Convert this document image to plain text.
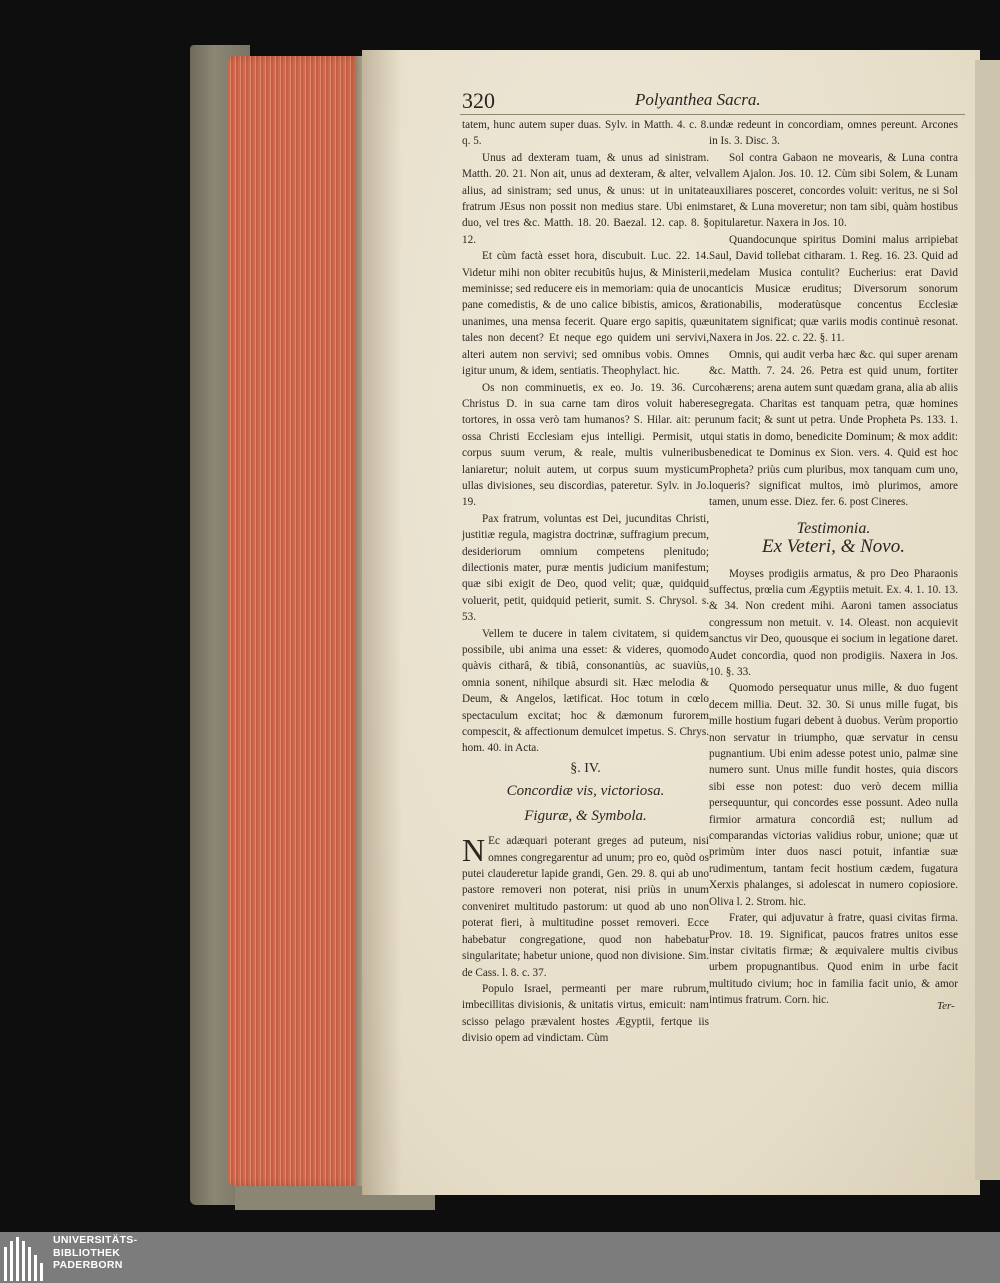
320	Polyanthea Sacra.

tatem, hunc autem super duas. Sylv. in Matth. 4. c. 8. q. 5.

Unus ad dexteram tuam, & unus ad sinistram. Matth. 20. 21. Non ait, unus ad dexteram, & alter, vel alius, ad sinistram; sed unus, & unus: ut in unitate fratrum JEsus non possit non medius stare. Ubi enim duo, vel tres &c. Matth. 18. 20. Baezal. 12. cap. 8. § 12.

Et cùm factà esset hora, discubuit. Luc. 22. 14. Videtur mihi non obiter recubitûs hujus, & Ministerii, meminisse; sed reducere eis in memoriam: quia de uno pane comedistis, & de uno calice bibistis, amicos, & unanimes, una mensa fecerit. Quare ergo sapitis, quæ tales non decent? Et neque ego quidem uni servivi, alteri autem non servivi; sed omnibus vobis. Omnes igitur unum, & idem, sentiatis. Theophylact. hic.

Os non comminuetis, ex eo. Jo. 19. 36. Cur Christus D. in sua carne tam diros voluit habere tortores, in ossa verò tam humanos? S. Hilar. ait: per ossa Christi Ecclesiam ejus intelligi. Permisit, ut corpus suum verum, & reale, multis vulneribus laniaretur; noluit autem, ut corpus suum mysticum ullas divisiones, seu discordias, pateretur. Sylv. in Jo. 19.

Pax fratrum, voluntas est Dei, jucunditas Christi, justitiæ regula, magistra doctrinæ, suffragium precum, desideriorum omnium competens plenitudo; dilectionis mater, puræ mentis judicium manifestum; quæ sibi exigit de Deo, quod velit; quæ, quidquid voluerit, petit, quidquid petierit, sumit. S. Chrysol. s. 53.

Vellem te ducere in talem civitatem, si quidem possibile, ubi anima una esset: & videres, quomodo quàvis citharâ, & tibiâ, consonantiùs, ac suaviùs, omnia sonent, nihilque absurdi sit. Hæc melodia & Deum, & Angelos, lætificat. Hoc totum in cœlo spectaculum excitat; hoc & dæmonum furorem compescit, & affectionum demulcet impetus. S. Chrys. hom. 40. in Acta.

§. IV.
Concordiæ vis, victoriosa.
Figuræ, & Symbola.

N Ec adæquari poterant greges ad puteum, nisi omnes congregarentur ad unum; pro eo, quòd os putei clauderetur lapide grandi, Gen. 29. 8. qui ab uno pastore removeri non poterat, nisi priùs in unum conveniret multitudo pastorum: ut quod ab uno non poterat fieri, à multitudine posset removeri. Ecce habebatur congregatione, quod non habebatur singularitate; habetur unione, quod non divisione. Sim. de Cass. l. 8. c. 37.

Populo Israel, permeanti per mare rubrum, imbecillitas divisionis, & unitatis virtus, emicuit: nam scisso pelago prævalent hostes Ægyptii, fertque iis divisio opem ad vindictam. Cùm

undæ redeunt in concordiam, omnes pereunt. Arcones in Is. 3. Disc. 3.

Sol contra Gabaon ne movearis, & Luna contra vallem Ajalon. Jos. 10. 12. Cùm sibi Solem, & Lunam auxiliares posceret, concordes voluit: veritus, ne si Sol staret, & Luna moveretur; non tam sibi, quàm hostibus opitularetur. Naxera in Jos. 10.

Quandocunque spiritus Domini malus arripiebat Saul, David tollebat citharam. 1. Reg. 16. 23. Quid ad medelam Musica contulit? Eucherius: erat David canticis Musicæ eruditus; Diversorum sonorum rationabilis, moderatùsque concentus Ecclesiæ unitatem significat; quæ variis modis continuè resonat. Naxera in Jos. 22. c. 22. §. 11.

Omnis, qui audit verba hæc &c. qui super arenam &c. Matth. 7. 24. 26. Petra est quid unum, fortiter cohærens; arena autem sunt quædam grana, alia ab aliis segregata. Charitas est tanquam petra, quæ homines unum facit; & sunt ut petra. Unde Propheta Ps. 133. 1. qui statis in domo, benedicite Dominum; & mox addit: benedicat te Dominus ex Sion. vers. 4. Quid est hoc Propheta? priùs cum pluribus, mox tanquam cum uno, loqueris? significat multos, imò plurimos, amore tamen, unum esse. Diez. fer. 6. post Cineres.

Testimonia.
Ex Veteri, & Novo.

Moyses prodigiis armatus, & pro Deo Pharaonis suffectus, prœlia cum Ægyptiis metuit. Ex. 4. 1. 10. 13. & 34. Non credent mihi. Aaroni tamen associatus congressum non metuit. v. 14. Oleast. non acquievit sanctus vir Deo, quousque ei socium in legatione daret. Audet concordia, quod non prodigiis. Naxera in Jos. 10. §. 33.

Quomodo persequatur unus mille, & duo fugent decem millia. Deut. 32. 30. Si unus mille fugat, bis mille hostium fugari debent à duobus. Verùm proportio non servatur in triumpho, quæ servatur in censu pugnantium. Ubi enim adesse potest unio, palmæ sine numero sunt. Unus mille fundit hostes, quia discors sibi esse non potest: duo verò decem millia persequuntur, qui concordes esse possunt. Adeo nulla firmior armatura concordiâ est; nullum ad comparandas victorias validius robur, unione; quæ ut primùm inter duos nasci potuit, infantiæ suæ rudimentum, tantam fecit hostium cædem, fugatura Xerxis phalanges, si adolescat in numero copiosiore. Oliva l. 2. Strom. hic.

Frater, qui adjuvatur à fratre, quasi civitas firma. Prov. 18. 19. Significat, paucos fratres unitos esse instar civitatis firmæ; & æquivalere multis civibus urbem propugnantibus. Quod enim in urbe facit multitudo civium; hoc in familia facit unio, & amor intimus fratrum. Corn. hic.	Ter-
UNIVERSITÄTS-
BIBLIOTHEK
PADERBORN
